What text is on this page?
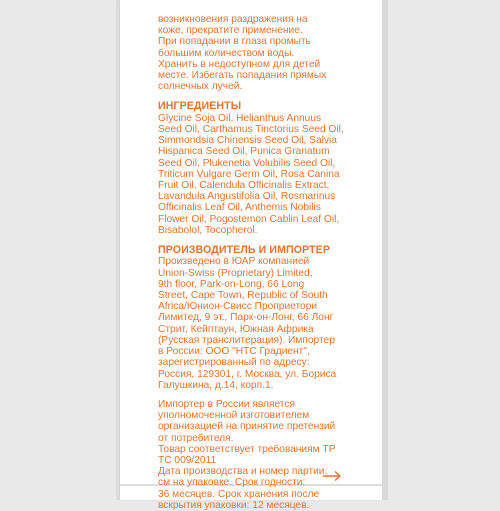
возникновения раздражения на
коже, прекратите применение.
При попадании в глаза промыть
большим количеством воды.
Хранить в недоступном для детей
месте. Избегать попадания прямых
солнечных лучей.

ИНГРЕДИЕНТЫ

Glycine Soja Oil, Helianthus Annuus
Seed Oil, Carthamus Tinctorius Seed Oil,
Simmondsia Chinensis Seed Oil, Salvia
Hispanica Seed Oil, Punica Granatum
Seed Oil, Plukenetia Volubilis Seed Oil,
Triticum Vulgare Germ Oil, Rosa Canina
Fruit Oil, Calendula Officinalis Extract,
Lavandula Angustifolia Oil, Rosmarinus
Officinalis Leaf Oil, Anthemis Nobilis
Flower Oil, Pogostemon Cablin Leaf Oil,
Bisabolol, Tocopherol.

ПРОИЗВОДИТЕЛЬ И ИМПОРТЕР

Произведено в ЮАР компанией
Union-Swiss (Proprietary) Limited,
9th floor, Park-on-Long, 66 Long
Street, Cape Town, Republic of South
Africa/Юнион-Свисс Проприетори
Лимитед, 9 эт., Парк-он-Лонг, 66 Лонг
Стрит, Кейптаун, Южная Африка
(Русская транслитерация). Импортер
в России: ООО "НТС Градиент",
зарегистрированный по адресу:
Россия, 129301, г. Москва, ул. Бориса
Галушкина, д.14, корп.1.

Импортер в России является
уполномоченной изготовителем
организацией на принятие претензий
от потребителя.
Товар соответствует требованиям ТР
ТС 009/2011
Дата производства и номер партии:
см на упаковке. Срок годности:
36 месяцев. Срок хранения после
вскрытия упаковки: 12 месяцев.
